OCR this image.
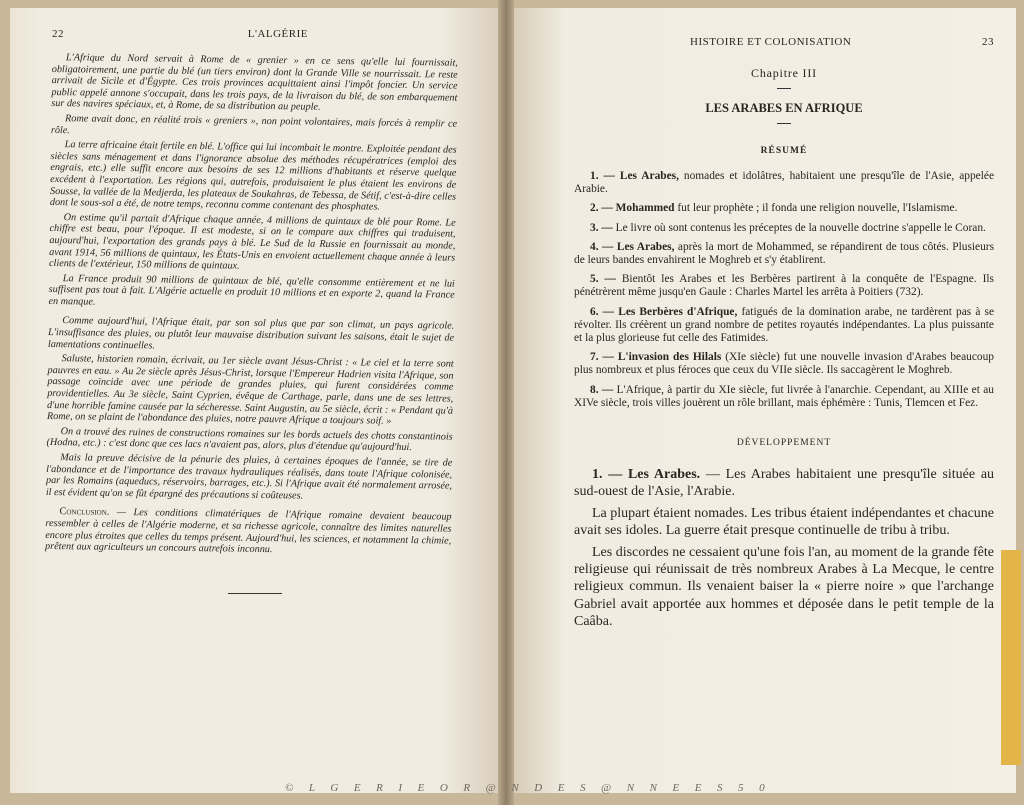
22	L'ALGÉRIE

L'Afrique du Nord servait à Rome de « grenier » en ce sens qu'elle lui fournissait, obligatoirement, une partie du blé (un tiers environ) dont la Grande Ville se nourrissait. Le reste arrivait de Sicile et d'Égypte. Ces trois provinces acquittaient ainsi l'impôt foncier. Un service public appelé annone s'occupait, dans les trois pays, de la livraison du blé, de son embarquement sur des navires spéciaux, et, à Rome, de sa distribution au peuple.

Rome avait donc, en réalité trois « greniers », non point volontaires, mais forcés à remplir ce rôle.

La terre africaine était fertile en blé. L'office qui lui incombait le montre. Exploitée pendant des siècles sans ménagement et dans l'ignorance absolue des méthodes récupératrices (emploi des engrais, etc.) elle suffit encore aux besoins de ses 12 millions d'habitants et réserve quelque excédent à l'exportation. Les régions qui, autrefois, produisaient le plus étaient les environs de Sousse, la vallée de la Medjerda, les plateaux de Soukahras, de Tebessa, de Sétif, c'est-à-dire celles dont le sous-sol a été, de notre temps, reconnu comme contenant des phosphates.

On estime qu'il partait d'Afrique chaque année, 4 millions de quintaux de blé pour Rome. Le chiffre est beau, pour l'époque. Il est modeste, si on le compare aux chiffres qui traduisent, aujourd'hui, l'exportation des grands pays à blé. Le Sud de la Russie en fournissait au monde, avant 1914, 56 millions de quintaux, les États-Unis en envoient actuellement chaque année à leurs clients de l'extérieur, 150 millions de quintaux.

La France produit 90 millions de quintaux de blé, qu'elle consomme entièrement et ne lui suffisent pas tout à fait. L'Algérie actuelle en produit 10 millions et en exporte 2, quand la France en manque.

Comme aujourd'hui, l'Afrique était, par son sol plus que par son climat, un pays agricole. L'insuffisance des pluies, ou plutôt leur mauvaise distribution suivant les saisons, était le sujet de lamentations continuelles.

Saluste, historien romain, écrivait, au 1er siècle avant Jésus-Christ : « Le ciel et la terre sont pauvres en eau. » Au 2e siècle après Jésus-Christ, lorsque l'Empereur Hadrien visita l'Afrique, son passage coïncide avec une période de grandes pluies, qui furent considérées comme providentielles. Au 3e siècle, Saint Cyprien, évêque de Carthage, parle, dans une de ses lettres, d'une horrible famine causée par la sécheresse. Saint Augustin, au 5e siècle, écrit : « Pendant qu'à Rome, on se plaint de l'abondance des pluies, notre pauvre Afrique a toujours soif. »

On a trouvé des ruines de constructions romaines sur les bords actuels des chotts constantinois (Hodna, etc.) : c'est donc que ces lacs n'avaient pas, alors, plus d'étendue qu'aujourd'hui.

Mais la preuve décisive de la pénurie des pluies, à certaines époques de l'année, se tire de l'abondance et de l'importance des travaux hydrauliques réalisés, dans toute l'Afrique colonisée, par les Romains (aqueducs, réservoirs, barrages, etc.). Si l'Afrique avait été normalement arrosée, il est évident qu'on se fût épargné des précautions si coûteuses.

Conclusion. — Les conditions climatériques de l'Afrique romaine devaient beaucoup ressembler à celles de l'Algérie moderne, et sa richesse agricole, connaître des limites naturelles encore plus étroites que celles du temps présent. Aujourd'hui, les sciences, et notamment la chimie, prêtent aux agriculteurs un concours autrefois inconnu.

HISTOIRE ET COLONISATION	23
Chapitre III
LES ARABES EN AFRIQUE
RÉSUMÉ

1. — Les Arabes, nomades et idolâtres, habitaient une presqu'île de l'Asie, appelée Arabie.

2. — Mohammed fut leur prophète ; il fonda une religion nouvelle, l'Islamisme.

3. — Le livre où sont contenus les préceptes de la nouvelle doctrine s'appelle le Coran.

4. — Les Arabes, après la mort de Mohammed, se répandirent de tous côtés. Plusieurs de leurs bandes envahirent le Moghreb et s'y établirent.

5. — Bientôt les Arabes et les Berbères partirent à la conquête de l'Espagne. Ils pénétrèrent même jusqu'en Gaule : Charles Martel les arrêta à Poitiers (732).

6. — Les Berbères d'Afrique, fatigués de la domination arabe, ne tardèrent pas à se révolter. Ils créèrent un grand nombre de petites royautés indépendantes. La plus puissante et la plus glorieuse fut celle des Fatimides.

7. — L'invasion des Hilals (XIe siècle) fut une nouvelle invasion d'Arabes beaucoup plus nombreux et plus féroces que ceux du VIIe siècle. Ils saccagèrent le Moghreb.

8. — L'Afrique, à partir du XIe siècle, fut livrée à l'anarchie. Cependant, au XIIIe et au XIVe siècle, trois villes jouèrent un rôle brillant, mais éphémère : Tunis, Tlemcen et Fez.

DÉVELOPPEMENT

1. — Les Arabes. — Les Arabes habitaient une presqu'île située au sud-ouest de l'Asie, l'Arabie.

La plupart étaient nomades. Les tribus étaient indépendantes et chacune avait ses idoles. La guerre était presque continuelle de tribu à tribu.

Les discordes ne cessaient qu'une fois l'an, au moment de la grande fête religieuse qui réunissait de très nombreux Arabes à La Mecque, le centre religieux commun. Ils venaient baiser la « pierre noire » que l'archange Gabriel avait apportée aux hommes et déposée dans le petit temple de la Caâba.

© L G E R I E O R @ N D E S @ N N E E S 5 0
